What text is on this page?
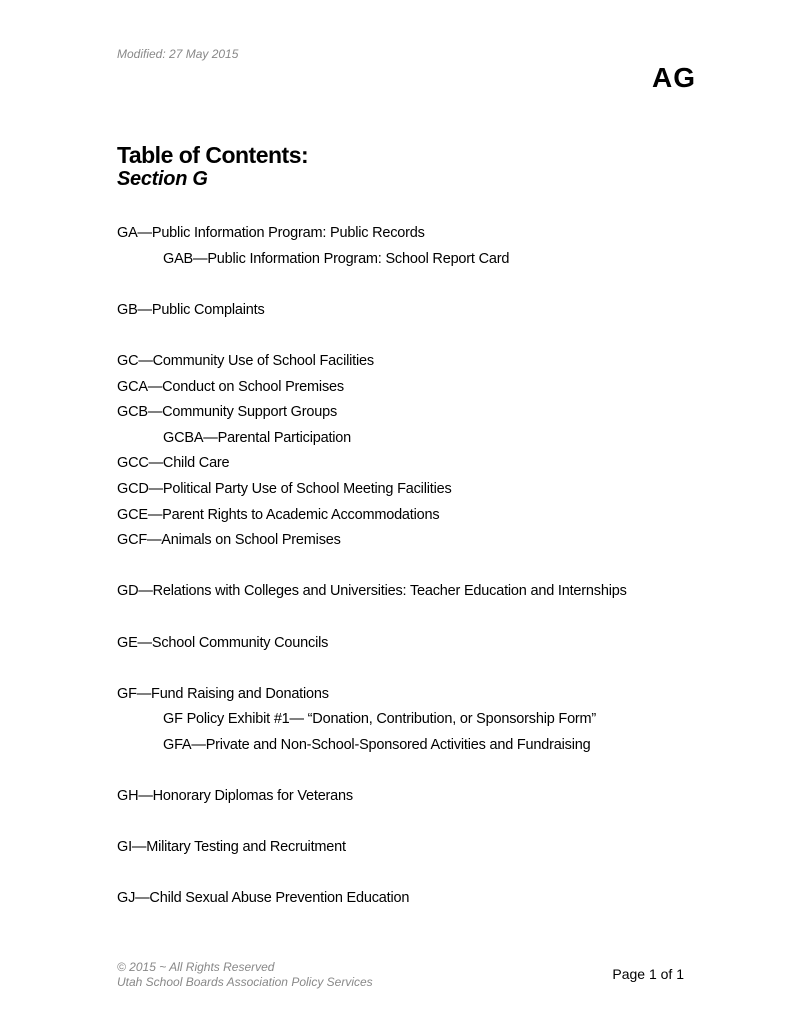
Modified: 27 May 2015
AG
Table of Contents:
Section G
GA—Public Information Program: Public Records
GAB—Public Information Program: School Report Card
GB—Public Complaints
GC—Community Use of School Facilities
GCA—Conduct on School Premises
GCB—Community Support Groups
GCBA—Parental Participation
GCC—Child Care
GCD—Political Party Use of School Meeting Facilities
GCE—Parent Rights to Academic Accommodations
GCF—Animals on School Premises
GD—Relations with Colleges and Universities: Teacher Education and Internships
GE—School Community Councils
GF—Fund Raising and Donations
GF Policy Exhibit #1— “Donation, Contribution, or Sponsorship Form”
GFA—Private and Non-School-Sponsored Activities and Fundraising
GH—Honorary Diplomas for Veterans
GI—Military Testing and Recruitment
GJ—Child Sexual Abuse Prevention Education
© 2015 ~ All Rights Reserved
Utah School Boards Association Policy Services	Page 1 of 1
